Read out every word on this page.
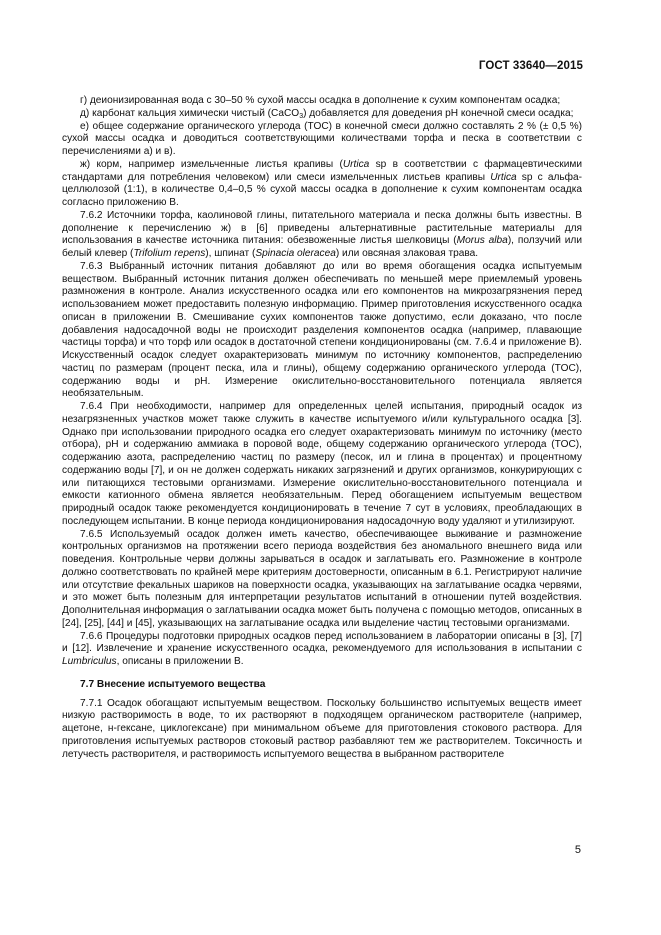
ГОСТ 33640—2015

г) деионизированная вода с 30–50 % сухой массы осадка в дополнение к сухим компонентам осадка;

д) карбонат кальция химически чистый (CaCO$_3$) добавляется для доведения pH конечной смеси осадка;

е) общее содержание органического углерода (TOC) в конечной смеси должно составлять 2 % (± 0,5 %) сухой массы осадка и доводиться соответствующими количествами торфа и песка в соответствии с перечислениями а) и в).

ж) корм, например измельченные листья крапивы (Urtica sp в соответствии с фармацевтическими стандартами для потребления человеком) или смеси измельченных листьев крапивы Urtica sp с альфа- целлюлозой (1:1), в количестве 0,4–0,5 % сухой массы осадка в дополнение к сухим компонентам осадка согласно приложению В.

7.6.2 Источники торфа, каолиновой глины, питательного материала и песка должны быть известны. В дополнение к перечислению ж) в [6] приведены альтернативные растительные материалы для использования в качестве источника питания: обезвоженные листья шелковицы (Morus alba), ползучий или белый клевер (Trifolium repens), шпинат (Spinacia oleracea) или овсяная злаковая трава.

7.6.3 Выбранный источник питания добавляют до или во время обогащения осадка испытуемым веществом. Выбранный источник питания должен обеспечивать по меньшей мере приемлемый уровень размножения в контроле. Анализ искусственного осадка или его компонентов на микрозагрязнения перед использованием может предоставить полезную информацию. Пример приготовления искусственного осадка описан в приложении В. Смешивание сухих компонентов также допустимо, если доказано, что после добавления надосадочной воды не происходит разделения компонентов осадка (например, плавающие частицы торфа) и что торф или осадок в достаточной степени кондиционированы (см. 7.6.4 и приложение В). Искусственный осадок следует охарактеризовать минимум по источнику компонентов, распределению частиц по размерам (процент песка, ила и глины), общему содержанию органического углерода (TOC), содержанию воды и pH. Измерение окислительно-восстановительного потенциала является необязательным.

7.6.4 При необходимости, например для определенных целей испытания, природный осадок из незагрязненных участков может также служить в качестве испытуемого и/или культурального осадка [3]. Однако при использовании природного осадка его следует охарактеризовать минимум по источнику (место отбора), pH и содержанию аммиака в поровой воде, общему содержанию органического углерода (TOC), содержанию азота, распределению частиц по размеру (песок, ил и глина в процентах) и процентному содержанию воды [7], и он не должен содержать никаких загрязнений и других организмов, конкурирующих с или питающихся тестовыми организмами. Измерение окислительно-восстановительного потенциала и емкости катионного обмена является необязательным. Перед обогащением испытуемым веществом природный осадок также рекомендуется кондиционировать в течение 7 сут в условиях, преобладающих в последующем испытании. В конце периода кондиционирования надосадочную воду удаляют и утилизируют.

7.6.5 Используемый осадок должен иметь качество, обеспечивающее выживание и размножение контрольных организмов на протяжении всего периода воздействия без аномального внешнего вида или поведения. Контрольные черви должны зарываться в осадок и заглатывать его. Размножение в контроле должно соответствовать по крайней мере критериям достоверности, описанным в 6.1. Регистрируют наличие или отсутствие фекальных шариков на поверхности осадка, указывающих на заглатывание осадка червями, и это может быть полезным для интерпретации результатов испытаний в отношении путей воздействия. Дополнительная информация о заглатывании осадка может быть получена с помощью методов, описанных в [24], [25], [44] и [45], указывающих на заглатывание осадка или выделение частиц тестовыми организмами.

7.6.6 Процедуры подготовки природных осадков перед использованием в лаборатории описаны в [3], [7] и [12]. Извлечение и хранение искусственного осадка, рекомендуемого для использования в испытании с Lumbriculus, описаны в приложении В.

7.7 Внесение испытуемого вещества

7.7.1 Осадок обогащают испытуемым веществом. Поскольку большинство испытуемых веществ имеет низкую растворимость в воде, то их растворяют в подходящем органическом растворителе (например, ацетоне, н-гексане, циклогексане) при минимальном объеме для приготовления стокового раствора. Для приготовления испытуемых растворов стоковый раствор разбавляют тем же растворителем. Токсичность и летучесть растворителя, и растворимость испытуемого вещества в выбранном растворителе

5
